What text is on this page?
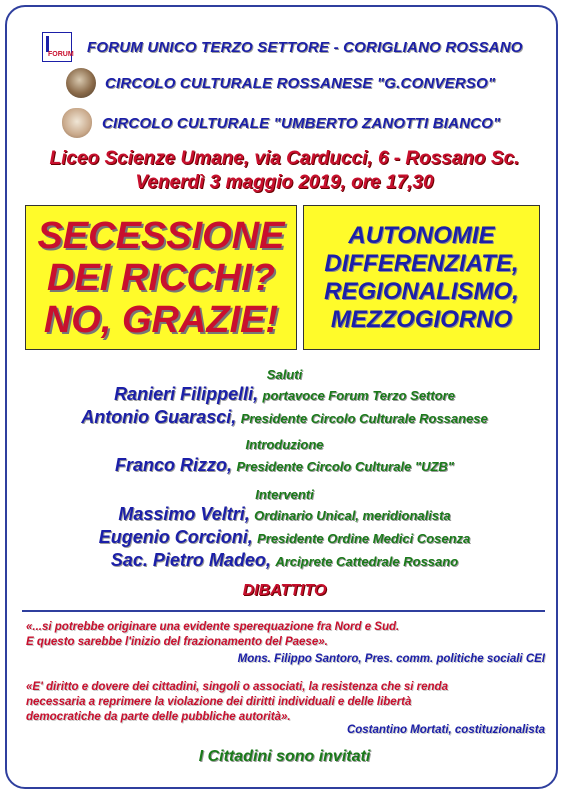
FORUM FORUM UNICO TERZO SETTORE - CORIGLIANO ROSSANO
CIRCOLO CULTURALE ROSSANESE "G.CONVERSO"
CIRCOLO CULTURALE "UMBERTO ZANOTTI BIANCO"
Liceo Scienze Umane, via Carducci, 6 - Rossano Sc.
Venerdì 3 maggio 2019, ore 17,30
SECESSIONE
DEI RICCHI?
NO, GRAZIE!
AUTONOMIE
DIFFERENZIATE,
REGIONALISMO,
MEZZOGIORNO
Saluti
Ranieri Filippelli, portavoce Forum Terzo Settore
Antonio Guarasci, Presidente Circolo Culturale Rossanese
Introduzione
Franco Rizzo, Presidente Circolo Culturale "UZB"
Interventi
Massimo Veltri, Ordinario Unical, meridionalista
Eugenio Corcioni, Presidente Ordine Medici Cosenza
Sac. Pietro Madeo, Arciprete Cattedrale Rossano
DIBATTITO
«...si potrebbe originare una evidente sperequazione fra Nord e Sud.
E questo sarebbe l'inizio del frazionamento del Paese».
Mons. Filippo Santoro, Pres. comm. politiche sociali CEI
«E' diritto e dovere dei cittadini, singoli o associati, la resistenza che si renda
necessaria a reprimere la violazione dei diritti individuali e delle libertà
democratiche da parte delle pubbliche autorità».
Costantino Mortati, costituzionalista
I Cittadini sono invitati
